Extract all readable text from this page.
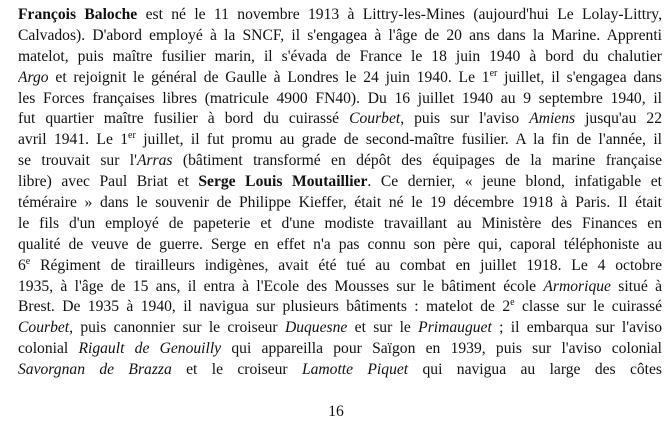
François Baloche est né le 11 novembre 1913 à Littry-les-Mines (aujourd'hui Le Lolay-Littry,
Calvados). D'abord employé à la SNCF, il s'engagea à l'âge de 20 ans dans la Marine. Apprenti
matelot, puis maître fusilier marin, il s'évada de France le 18 juin 1940 à bord du chalutier
Argo et rejoignit le général de Gaulle à Londres le 24 juin 1940. Le 1er juillet, il s'engagea dans
les Forces françaises libres (matricule 4900 FN40). Du 16 juillet 1940 au 9 septembre 1940, il
fut quartier maître fusilier à bord du cuirassé Courbet, puis sur l'aviso Amiens jusqu'au 22
avril 1941. Le 1er juillet, il fut promu au grade de second-maître fusilier. A la fin de l'année, il
se trouvait sur l'Arras (bâtiment transformé en dépôt des équipages de la marine française
libre) avec Paul Briat et Serge Louis Moutaillier. Ce dernier, « jeune blond, infatigable et
téméraire » dans le souvenir de Philippe Kieffer, était né le 19 décembre 1918 à Paris. Il était
le fils d'un employé de papeterie et d'une modiste travaillant au Ministère des Finances en
qualité de veuve de guerre. Serge en effet n'a pas connu son père qui, caporal téléphoniste au
6e Régiment de tirailleurs indigènes, avait été tué au combat en juillet 1918. Le 4 octobre
1935, à l'âge de 15 ans, il entra à l'Ecole des Mousses sur le bâtiment école Armorique situé à
Brest. De 1935 à 1940, il navigua sur plusieurs bâtiments : matelot de 2e classe sur le cuirassé
Courbet, puis canonnier sur le croiseur Duquesne et sur le Primauguet ; il embarqua sur l'aviso
colonial Rigault de Genouilly qui appareilla pour Saïgon en 1939, puis sur l'aviso colonial
Savorgnan de Brazza et le croiseur Lamotte Piquet qui navigua au large des côtes
16
